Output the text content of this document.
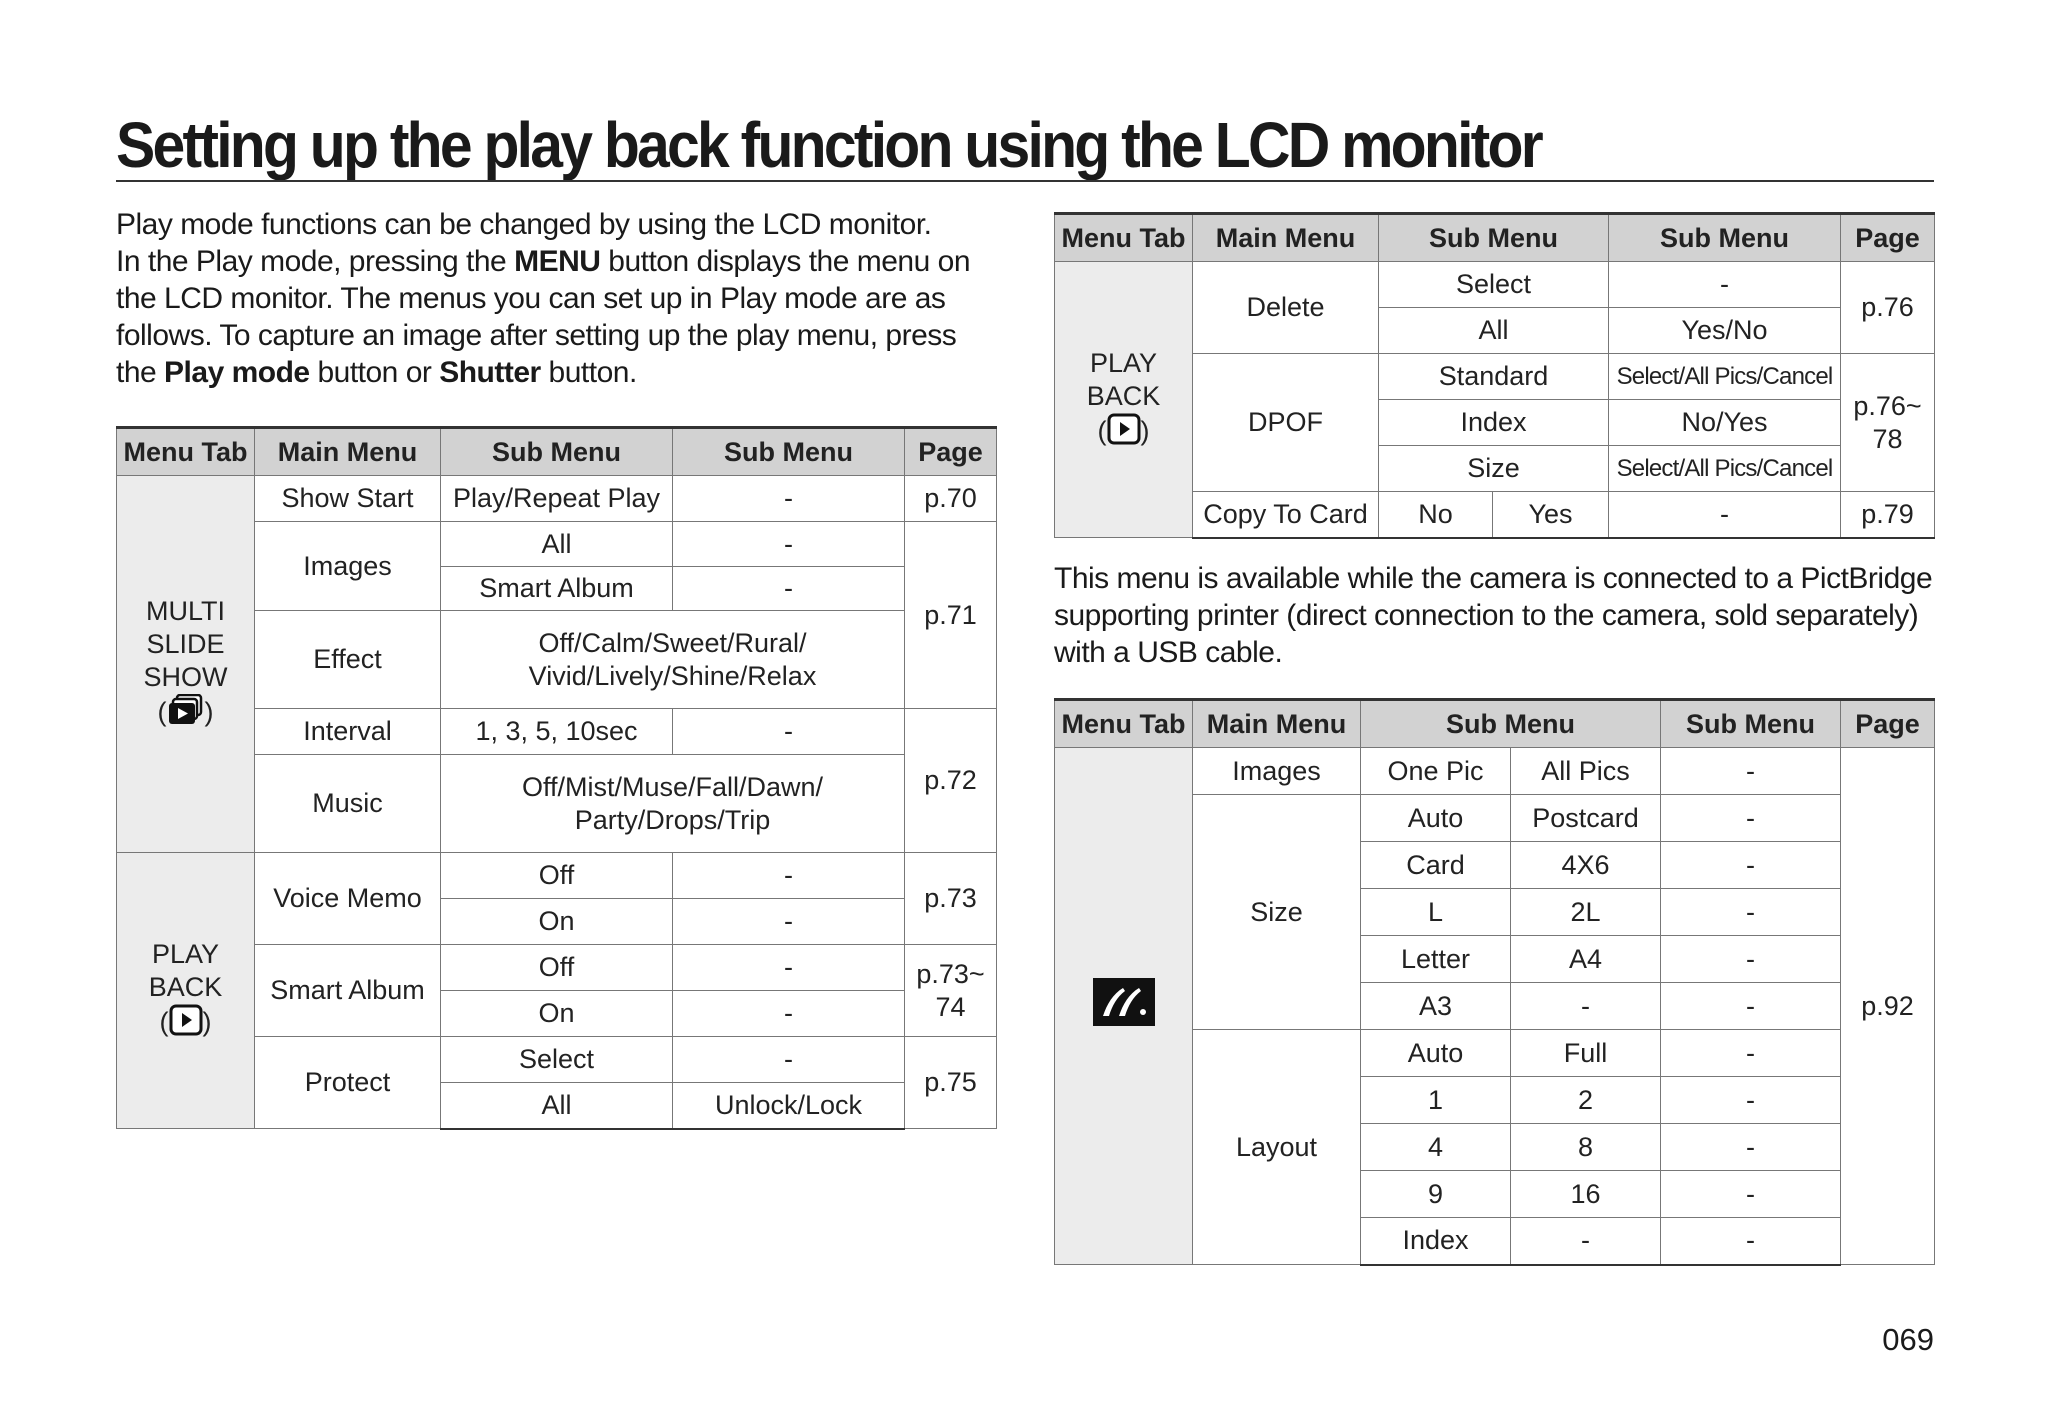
Setting up the play back function using the LCD monitor

Play mode functions can be changed by using the LCD monitor.
In the Play mode, pressing the MENU button displays the menu on the LCD monitor. The menus you can set up in Play mode are as follows. To capture an image after setting up the play menu, press the Play mode button or Shutter button.

Menu Tab	Main Menu	Sub Menu	Sub Menu	Page

MULTI
SLIDE
SHOW
( )	Show Start	Play/Repeat Play	-	p.70
	Images	All	-	p.71
		Smart Album	-	
	Effect	Off/Calm/Sweet/Rural/
Vivid/Lively/Shine/Relax		

	Interval	1, 3, 5, 10sec	-	p.72
	Music	Off/Mist/Muse/Fall/Dawn/
Party/Drops/Trip		

PLAY
BACK
( )	Voice Memo	Off	-	p.73
		On	-	
	Smart Album	Off	-	p.73~
74

		On	-	
	Protect	Select	-	p.75
		All	Unlock/Lock	
Menu Tab	Main Menu	Sub Menu		Sub Menu	Page

PLAY
BACK
( )	Delete	Select		-	p.76
		All		Yes/No	
	DPOF	Standard		Select/All Pics/Cancel	p.76~
78

		Index		No/Yes	
		Size		Select/All Pics/Cancel	
	Copy To Card	No	Yes	-	p.79

This menu is available while the camera is connected to a PictBridge supporting printer (direct connection to the camera, sold separately) with a USB cable.

Menu Tab	Main Menu	Sub Menu		Sub Menu	Page
	Images	One Pic	All Pics	-	p.92
	Size	Auto	Postcard	-	
		Card	4X6	-	
		L	2L	-	
		Letter	A4	-	
		A3	-	-	
	Layout	Auto	Full	-	
		1	2	-	
		4	8	-	
		9	16	-	
		Index	-	-	
069
